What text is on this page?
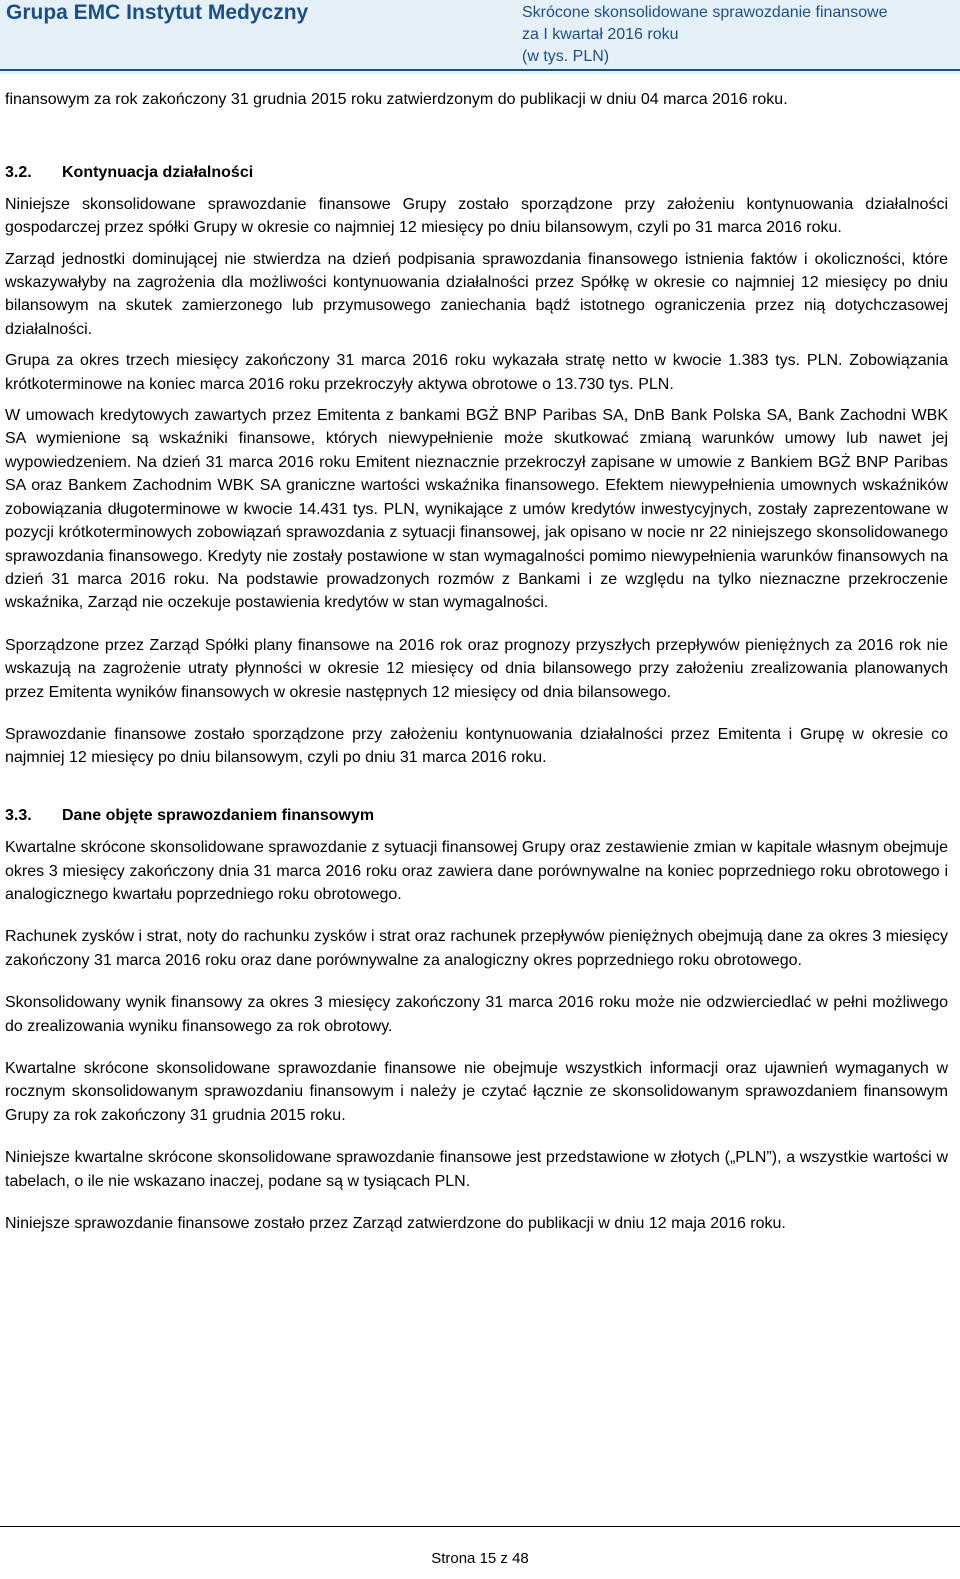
Grupa EMC Instytut Medyczny	Skrócone skonsolidowane sprawozdanie finansowe
za I kwartał 2016 roku
(w tys. PLN)

finansowym za rok zakończony 31 grudnia 2015 roku zatwierdzonym do publikacji w dniu 04 marca 2016 roku.

3.2. Kontynuacja działalności

Niniejsze skonsolidowane sprawozdanie finansowe Grupy zostało sporządzone przy założeniu kontynuowania działalności gospodarczej przez spółki Grupy w okresie co najmniej 12 miesięcy po dniu bilansowym, czyli po 31 marca 2016 roku.

Zarząd jednostki dominującej nie stwierdza na dzień podpisania sprawozdania finansowego istnienia faktów i okoliczności, które wskazywałyby na zagrożenia dla możliwości kontynuowania działalności przez Spółkę w okresie co najmniej 12 miesięcy po dniu bilansowym na skutek zamierzonego lub przymusowego zaniechania bądź istotnego ograniczenia przez nią dotychczasowej działalności.

Grupa za okres trzech miesięcy zakończony 31 marca 2016 roku wykazała stratę netto w kwocie 1.383 tys. PLN. Zobowiązania krótkoterminowe na koniec marca 2016 roku przekroczyły aktywa obrotowe o 13.730 tys. PLN.

W umowach kredytowych zawartych przez Emitenta z bankami BGŻ BNP Paribas SA, DnB Bank Polska SA, Bank Zachodni WBK SA wymienione są wskaźniki finansowe, których niewypełnienie może skutkować zmianą warunków umowy lub nawet jej wypowiedzeniem. Na dzień 31 marca 2016 roku Emitent nieznacznie przekroczył zapisane w umowie z Bankiem BGŻ BNP Paribas SA oraz Bankem Zachodnim WBK SA graniczne wartości wskaźnika finansowego. Efektem niewypełnienia umownych wskaźników zobowiązania długoterminowe w kwocie 14.431 tys. PLN, wynikające z umów kredytów inwestycyjnych, zostały zaprezentowane w pozycji krótkoterminowych zobowiązań sprawozdania z sytuacji finansowej, jak opisano w nocie nr 22 niniejszego skonsolidowanego sprawozdania finansowego. Kredyty nie zostały postawione w stan wymagalności pomimo niewypełnienia warunków finansowych na dzień 31 marca 2016 roku. Na podstawie prowadzonych rozmów z Bankami i ze względu na tylko nieznaczne przekroczenie wskaźnika, Zarząd nie oczekuje postawienia kredytów w stan wymagalności.

Sporządzone przez Zarząd Spółki plany finansowe na 2016 rok oraz prognozy przyszłych przepływów pieniężnych za 2016 rok nie wskazują na zagrożenie utraty płynności w okresie 12 miesięcy od dnia bilansowego przy założeniu zrealizowania planowanych przez Emitenta wyników finansowych w okresie następnych 12 miesięcy od dnia bilansowego.

Sprawozdanie finansowe zostało sporządzone przy założeniu kontynuowania działalności przez Emitenta i Grupę w okresie co najmniej 12 miesięcy po dniu bilansowym, czyli po dniu 31 marca 2016 roku.

3.3. Dane objęte sprawozdaniem finansowym

Kwartalne skrócone skonsolidowane sprawozdanie z sytuacji finansowej Grupy oraz zestawienie zmian w kapitale własnym obejmuje okres 3 miesięcy zakończony dnia 31 marca 2016 roku oraz zawiera dane porównywalne na koniec poprzedniego roku obrotowego i analogicznego kwartału poprzedniego roku obrotowego.

Rachunek zysków i strat, noty do rachunku zysków i strat oraz rachunek przepływów pieniężnych obejmują dane za okres 3 miesięcy zakończony 31 marca 2016 roku oraz dane porównywalne za analogiczny okres poprzedniego roku obrotowego.

Skonsolidowany wynik finansowy za okres 3 miesięcy zakończony 31 marca 2016 roku może nie odzwierciedlać w pełni możliwego do zrealizowania wyniku finansowego za rok obrotowy.

Kwartalne skrócone skonsolidowane sprawozdanie finansowe nie obejmuje wszystkich informacji oraz ujawnień wymaganych w rocznym skonsolidowanym sprawozdaniu finansowym i należy je czytać łącznie ze skonsolidowanym sprawozdaniem finansowym Grupy za rok zakończony 31 grudnia 2015 roku.

Niniejsze kwartalne skrócone skonsolidowane sprawozdanie finansowe jest przedstawione w złotych („PLN”), a wszystkie wartości w tabelach, o ile nie wskazano inaczej, podane są w tysiącach PLN.

Niniejsze sprawozdanie finansowe zostało przez Zarząd zatwierdzone do publikacji w dniu 12 maja 2016 roku.

Strona 15 z 48
